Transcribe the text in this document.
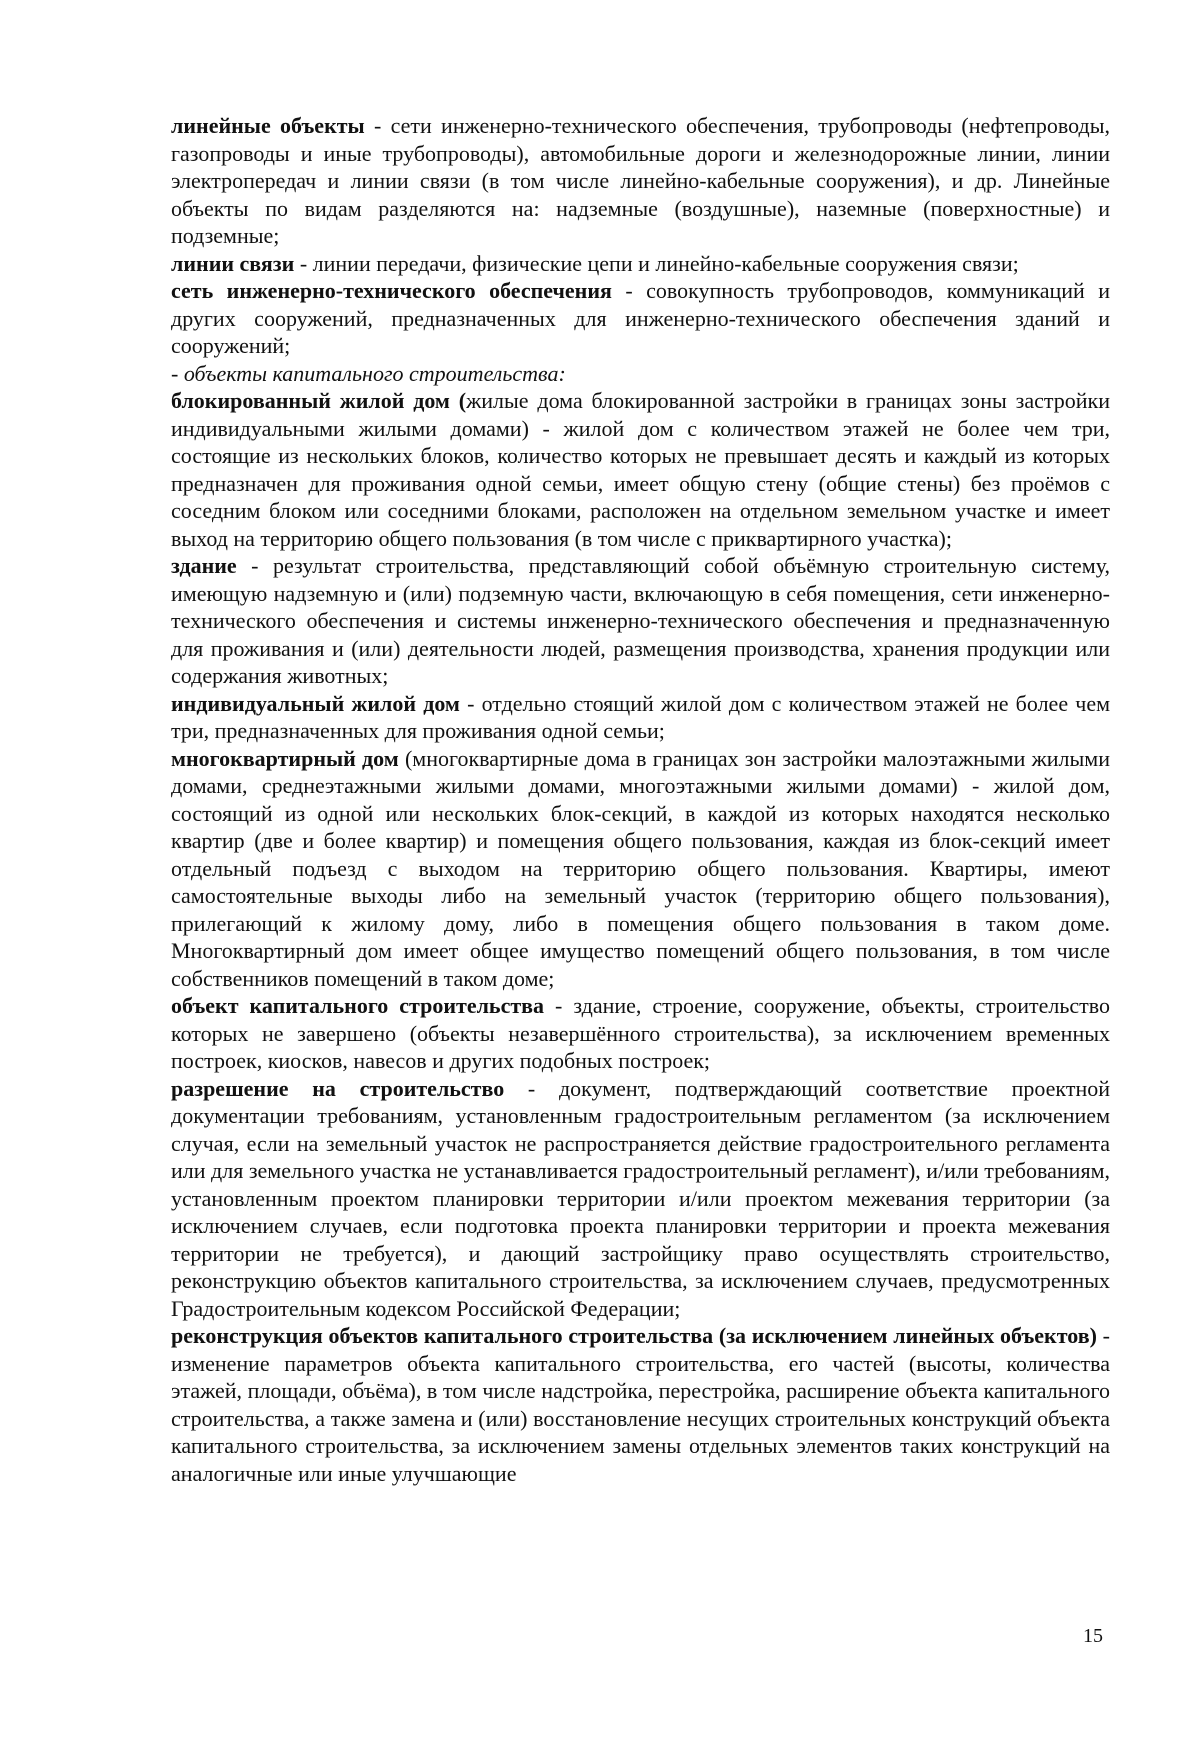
линейные объекты - сети инженерно-технического обеспечения, трубопроводы (нефтепроводы, газопроводы и иные трубопроводы), автомобильные дороги и железнодорожные линии, линии электропередач и линии связи (в том числе линейно-кабельные сооружения), и др. Линейные объекты по видам разделяются на: надземные (воздушные), наземные (поверхностные) и подземные;

линии связи - линии передачи, физические цепи и линейно-кабельные сооружения связи;

сеть инженерно-технического обеспечения - совокупность трубопроводов, коммуникаций и других сооружений, предназначенных для инженерно-технического обеспечения зданий и сооружений;

- объекты капитального строительства:

блокированный жилой дом (жилые дома блокированной застройки в границах зоны застройки индивидуальными жилыми домами) - жилой дом с количеством этажей не более чем три, состоящие из нескольких блоков, количество которых не превышает десять и каждый из которых предназначен для проживания одной семьи, имеет общую стену (общие стены) без проёмов с соседним блоком или соседними блоками, расположен на отдельном земельном участке и имеет выход на территорию общего пользования (в том числе с приквартирного участка);

здание - результат строительства, представляющий собой объёмную строительную систему, имеющую надземную и (или) подземную части, включающую в себя помещения, сети инженерно-технического обеспечения и системы инженерно-технического обеспечения и предназначенную для проживания и (или) деятельности людей, размещения производства, хранения продукции или содержания животных;

индивидуальный жилой дом - отдельно стоящий жилой дом с количеством этажей не более чем три, предназначенных для проживания одной семьи;

многоквартирный дом (многоквартирные дома в границах зон застройки малоэтажными жилыми домами, среднеэтажными жилыми домами, многоэтажными жилыми домами) - жилой дом, состоящий из одной или нескольких блок-секций, в каждой из которых находятся несколько квартир (две и более квартир) и помещения общего пользования, каждая из блок-секций имеет отдельный подъезд с выходом на территорию общего пользования. Квартиры, имеют самостоятельные выходы либо на земельный участок (территорию общего пользования), прилегающий к жилому дому, либо в помещения общего пользования в таком доме. Многоквартирный дом имеет общее имущество помещений общего пользования, в том числе собственников помещений в таком доме;

объект капитального строительства - здание, строение, сооружение, объекты, строительство которых не завершено (объекты незавершённого строительства), за исключением временных построек, киосков, навесов и других подобных построек;

разрешение на строительство - документ, подтверждающий соответствие проектной документации требованиям, установленным градостроительным регламентом (за исключением случая, если на земельный участок не распространяется действие градостроительного регламента или для земельного участка не устанавливается градостроительный регламент), и/или требованиям, установленным проектом планировки территории и/или проектом межевания территории (за исключением случаев, если подготовка проекта планировки территории и проекта межевания территории не требуется), и дающий застройщику право осуществлять строительство, реконструкцию объектов капитального строительства, за исключением случаев, предусмотренных Градостроительным кодексом Российской Федерации;

реконструкция объектов капитального строительства (за исключением линейных объектов) - изменение параметров объекта капитального строительства, его частей (высоты, количества этажей, площади, объёма), в том числе надстройка, перестройка, расширение объекта капитального строительства, а также замена и (или) восстановление несущих строительных конструкций объекта капитального строительства, за исключением замены отдельных элементов таких конструкций на аналогичные или иные улучшающие

15
